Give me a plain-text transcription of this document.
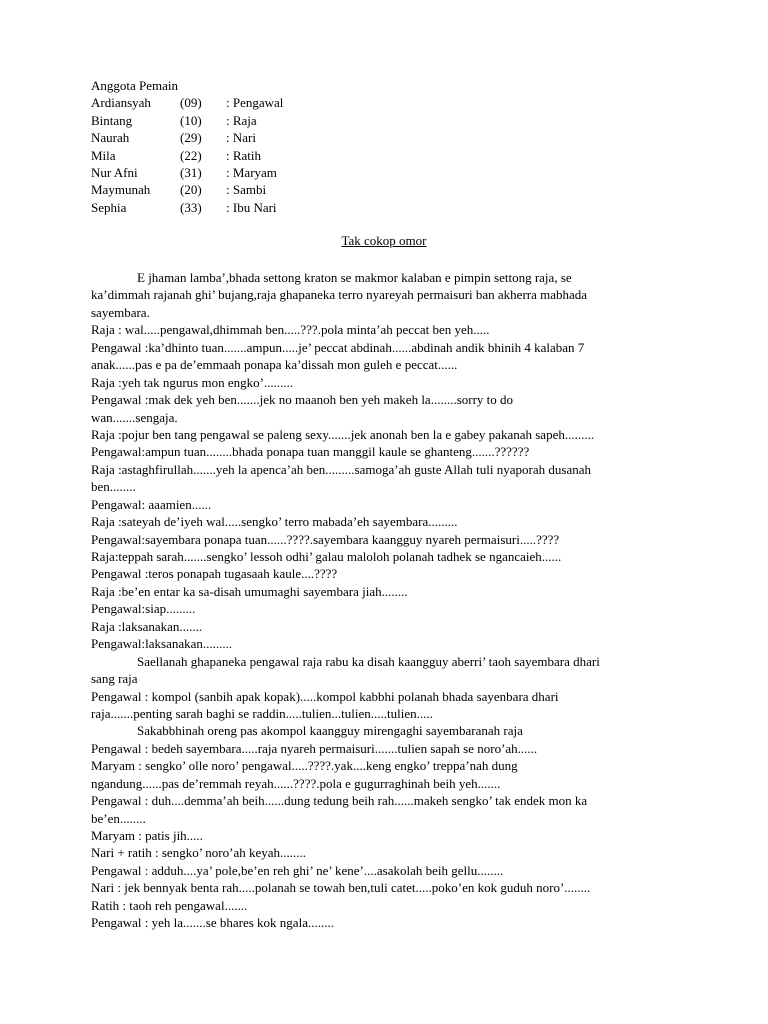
Anggota Pemain
Ardiansyah	(09)	: Pengawal
Bintang	(10)	: Raja
Naurah	(29)	: Nari
Mila	(22)	: Ratih
Nur Afni	(31)	: Maryam
Maymunah	(20)	: Sambi
Sephia	(33)	: Ibu Nari
Tak cokop omor
E jhaman lamba’,bhada settong kraton se makmor kalaban e pimpin settong raja, se
ka’dimmah rajanah ghi’ bujang,raja ghapaneka terro nyareyah permaisuri ban akherra mabhada
sayembara.
Raja : wal.....pengawal,dhimmah ben.....???.pola minta’ah peccat ben yeh.....
Pengawal :ka’dhinto tuan.......ampun.....je’ peccat abdinah......abdinah andik bhinih 4 kalaban 7
anak......pas e pa de’emmaah ponapa ka’dissah mon guleh e peccat......
Raja :yeh tak ngurus mon engko’.........
Pengawal :mak dek yeh ben.......jek no maanoh ben yeh makeh la........sorry to do
wan.......sengaja.
Raja :pojur ben tang pengawal se paleng sexy.......jek anonah ben la e gabey pakanah sapeh.........
Pengawal:ampun tuan........bhada ponapa tuan manggil kaule se ghanteng.......??????
Raja :astaghfirullah.......yeh la apenca’ah ben.........samoga’ah guste Allah tuli nyaporah dusanah
ben........
Pengawal: aaamien......
Raja :sateyah de’iyeh wal.....sengko’ terro mabada’eh sayembara.........
Pengawal:sayembara ponapa tuan......????.sayembara kaangguy nyareh permaisuri.....????
Raja:teppah sarah.......sengko’ lessoh odhi’ galau maloloh polanah tadhek se ngancaieh......
Pengawal :teros ponapah tugasaah kaule....????
Raja :be’en entar ka sa-disah umumaghi sayembara jiah........
Pengawal:siap.........
Raja :laksanakan.......
Pengawal:laksanakan.........
Saellanah ghapaneka pengawal raja rabu ka disah kaangguy aberri’ taoh sayembara dhari
sang raja
Pengawal : kompol (sanbih apak kopak).....kompol kabbhi polanah bhada sayenbara dhari
raja.......penting sarah baghi se raddin.....tulien...tulien.....tulien.....
Sakabbhinah oreng pas akompol kaangguy mirengaghi sayembaranah raja
Pengawal : bedeh sayembara.....raja nyareh permaisuri.......tulien sapah se noro’ah......
Maryam : sengko’ olle noro’ pengawal.....????.yak....keng engko’ treppa’nah dung
ngandung......pas de’remmah reyah......????.pola e gugurraghinah beih yeh.......
Pengawal : duh....demma’ah beih......dung tedung beih rah......makeh sengko’ tak endek mon ka
be’en........
Maryam : patis jih.....
Nari + ratih : sengko’ noro’ah keyah........
Pengawal : adduh....ya’ pole,be’en reh ghi’ ne’ kene’....asakolah beih gellu........
Nari : jek bennyak benta rah.....polanah se towah ben,tuli catet.....poko’en kok guduh noro’........
Ratih : taoh reh pengawal.......
Pengawal : yeh la.......se bhares kok ngala........
